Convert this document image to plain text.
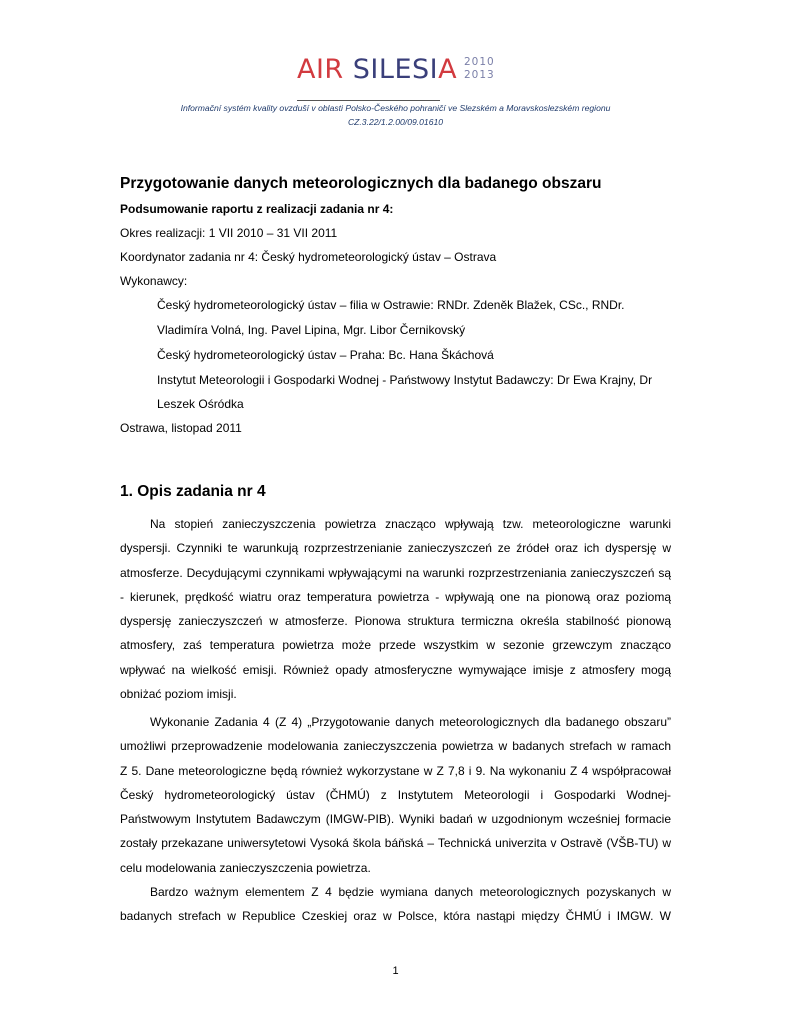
AIR SILESIA 2010
2013
Informační systém kvality ovzduší v oblasti Polsko-Českého pohraničí ve Slezském a Moravskoslezském regionu
CZ.3.22/1.2.00/09.01610
Przygotowanie danych meteorologicznych dla badanego obszaru
Podsumowanie raportu z realizacji zadania nr 4:
Okres realizacji: 1 VII 2010 – 31 VII 2011
Koordynator zadania nr 4: Český hydrometeorologický ústav – Ostrava
Wykonawcy:
Český hydrometeorologický ústav – filia w Ostrawie: RNDr. Zdeněk Blažek, CSc., RNDr.
Vladimíra Volná, Ing. Pavel Lipina, Mgr. Libor Černikovský
Český hydrometeorologický ústav – Praha: Bc. Hana Škáchová
Instytut Meteorologii i Gospodarki Wodnej - Państwowy Instytut Badawczy: Dr Ewa Krajny, Dr
Leszek Ośródka
Ostrawa, listopad 2011
1. Opis zadania nr 4
Na stopień zanieczyszczenia powietrza znacząco wpływają tzw. meteorologiczne warunki
dyspersji. Czynniki te warunkują rozprzestrzenianie zanieczyszczeń ze źródeł oraz ich dyspersję w
atmosferze. Decydującymi czynnikami wpływającymi na warunki rozprzestrzeniania zanieczyszczeń są
- kierunek, prędkość wiatru oraz temperatura powietrza - wpływają one na pionową oraz poziomą
dyspersję zanieczyszczeń w atmosferze. Pionowa struktura termiczna określa stabilność pionową
atmosfery, zaś temperatura powietrza może przede wszystkim w sezonie grzewczym znacząco
wpływać na wielkość emisji. Również opady atmosferyczne wymywające imisje z atmosfery mogą
obniżać poziom imisji.
Wykonanie Zadania 4 (Z 4) „Przygotowanie danych meteorologicznych dla badanego obszaru”
umożliwi przeprowadzenie modelowania zanieczyszczenia powietrza w badanych strefach w ramach
Z 5. Dane meteorologiczne będą również wykorzystane w Z 7,8 i 9. Na wykonaniu Z 4 współpracował
Český hydrometeorologický ústav (ČHMÚ) z Instytutem Meteorologii i Gospodarki Wodnej-
Państwowym Instytutem Badawczym (IMGW-PIB). Wyniki badań w uzgodnionym wcześniej formacie
zostały przekazane uniwersytetowi Vysoká škola báňská – Technická univerzita v Ostravě (VŠB-TU) w
celu modelowania zanieczyszczenia powietrza.
Bardzo ważnym elementem Z 4 będzie wymiana danych meteorologicznych pozyskanych w
badanych strefach w Republice Czeskiej oraz w Polsce, która nastąpi między ČHMÚ i IMGW. W
1
